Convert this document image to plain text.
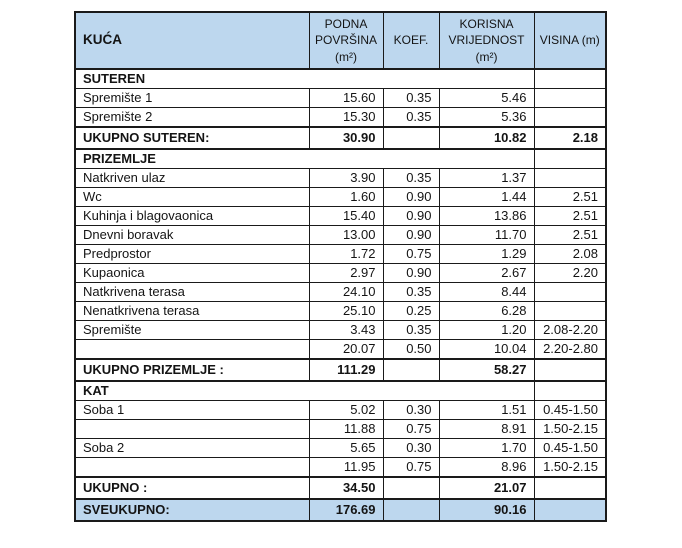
KUĆA	PODNA POVRŠINA (m²)	KOEF.	KORISNA VRIJEDNOST (m²)	VISINA (m)
SUTEREN				
Spremište 1	15.60	0.35	5.46	
Spremište 2	15.30	0.35	5.36	
UKUPNO SUTEREN:	30.90		10.82	2.18
PRIZEMLJE				
Natkriven ulaz	3.90	0.35	1.37	
Wc	1.60	0.90	1.44	2.51
Kuhinja i blagovaonica	15.40	0.90	13.86	2.51
Dnevni boravak	13.00	0.90	11.70	2.51
Predprostor	1.72	0.75	1.29	2.08
Kupaonica	2.97	0.90	2.67	2.20
Natkrivena terasa	24.10	0.35	8.44	
Nenatkrivena terasa	25.10	0.25	6.28	
Spremište	3.43	0.35	1.20	2.08-2.20
	20.07	0.50	10.04	2.20-2.80
UKUPNO PRIZEMLJE :	111.29		58.27	
KAT				
Soba 1	5.02	0.30	1.51	0.45-1.50
	11.88	0.75	8.91	1.50-2.15
Soba 2	5.65	0.30	1.70	0.45-1.50
	11.95	0.75	8.96	1.50-2.15
UKUPNO :	34.50		21.07	
SVEUKUPNO:	176.69		90.16	
